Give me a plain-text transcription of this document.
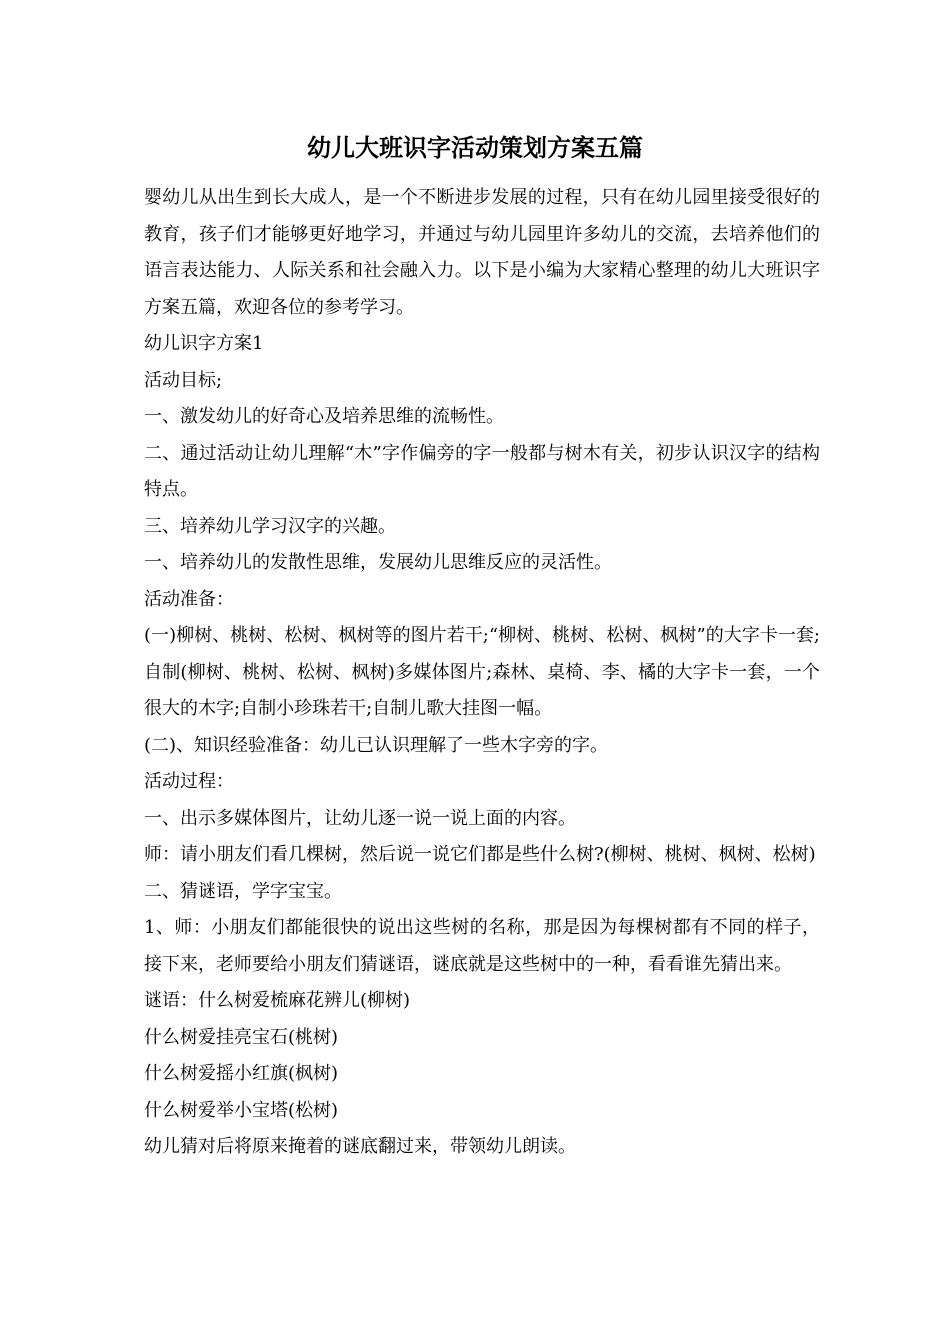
幼儿大班识字活动策划方案五篇

婴幼儿从出生到长大成人，是一个不断进步发展的过程，只有在幼儿园里接受很好的教育，孩子们才能够更好地学习，并通过与幼儿园里许多幼儿的交流，去培养他们的语言表达能力、人际关系和社会融入力。以下是小编为大家精心整理的幼儿大班识字方案五篇，欢迎各位的参考学习。

幼儿识字方案1

活动目标;

一、激发幼儿的好奇心及培养思维的流畅性。

二、通过活动让幼儿理解“木”字作偏旁的字一般都与树木有关，初步认识汉字的结构特点。

三、培养幼儿学习汉字的兴趣。

一、培养幼儿的发散性思维，发展幼儿思维反应的灵活性。

活动准备：

(一)柳树、桃树、松树、枫树等的图片若干;“柳树、桃树、松树、枫树”的大字卡一套;自制(柳树、桃树、松树、枫树)多媒体图片;森林、桌椅、李、橘的大字卡一套，一个很大的木字;自制小珍珠若干;自制儿歌大挂图一幅。

(二)、知识经验准备：幼儿已认识理解了一些木字旁的字。

活动过程：

一、出示多媒体图片，让幼儿逐一说一说上面的内容。

师：请小朋友们看几棵树，然后说一说它们都是些什么树?(柳树、桃树、枫树、松树)

二、猜谜语，学字宝宝。

1、师：小朋友们都能很快的说出这些树的名称，那是因为每棵树都有不同的样子，接下来，老师要给小朋友们猜谜语，谜底就是这些树中的一种，看看谁先猜出来。

谜语：什么树爱梳麻花辨儿(柳树)

什么树爱挂亮宝石(桃树)

什么树爱摇小红旗(枫树)

什么树爱举小宝塔(松树)

幼儿猜对后将原来掩着的谜底翻过来，带领幼儿朗读。
